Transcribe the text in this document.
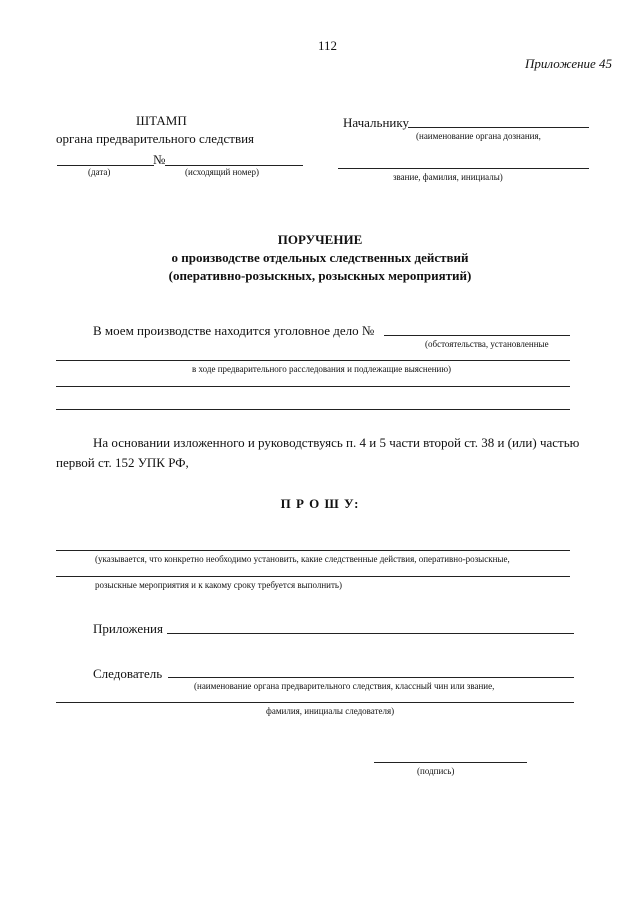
112
Приложение 45
ШТАМП
органа предварительного следствия
№
(дата)	(исходящий номер)
Начальнику
(наименование органа дознания,
звание, фамилия, инициалы)
ПОРУЧЕНИЕ
о производстве отдельных следственных действий
(оперативно-розыскных, розыскных мероприятий)
В моем производстве находится уголовное дело №
(обстоятельства, установленные
в ходе предварительного расследования и подлежащие выяснению)
На основании изложенного и руководствуясь п. 4 и 5 части второй ст. 38 и (или) частью
первой ст. 152 УПК РФ,
П Р О Ш У:
(указывается, что конкретно необходимо установить, какие следственные действия, оперативно-розыскные,
розыскные мероприятия и к какому сроку требуется выполнить)
Приложения
Следователь
(наименование органа предварительного следствия, классный чин или звание,
фамилия, инициалы следователя)
(подпись)
